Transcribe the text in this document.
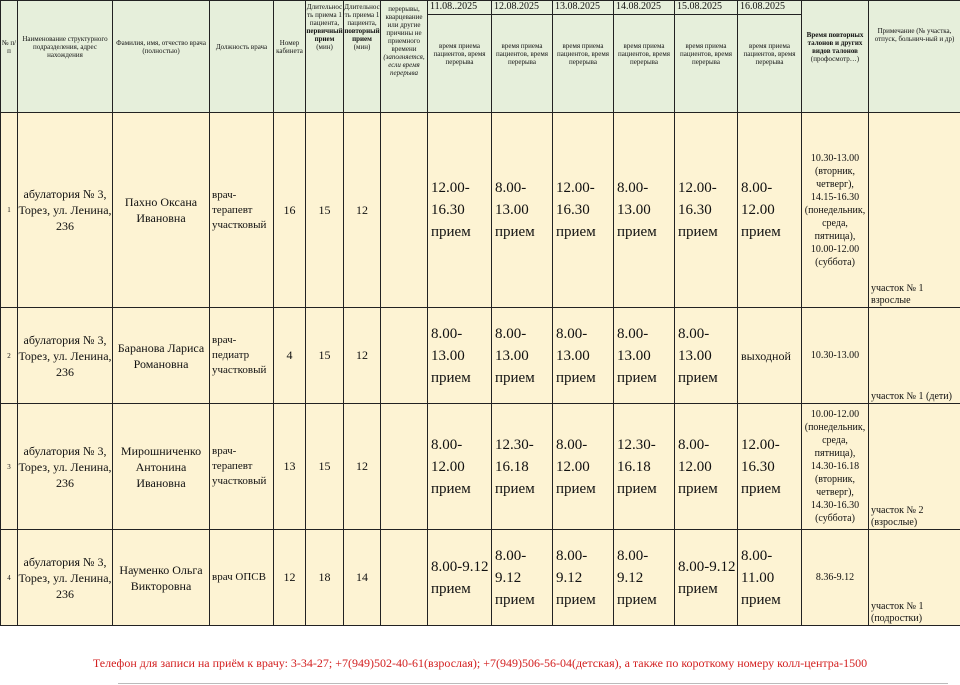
№ п/п	Наименование структурного подразделения, адрес нахождения	Фамилия, имя, отчество врача (полностью)	Должность врача	Номер кабинета	Длительность приема 1 пациента, первичный прием (мин)	Длительность приема 1 пациента, повторный прием (мин)	перерывы, кварцевание или другие причины не приемного времени (заполняется, если время перерыва	11.08..2025	12.08.2025	13.08.2025	14.08.2025	15.08.2025	16.08.2025	Время повторных талонов и других видов талонов (профосмотр…)	Примечание (№ участка, отпуск, больнич-ный и др)
								время приема пациентов, время перерыва	время приема пациентов, время перерыва	время приема пациентов, время перерыва	время приема пациентов, время перерыва	время приема пациентов, время перерыва	время приема пациентов, время перерыва		
1	абулатория № 3, Торез, ул. Ленина, 236	Пахно Оксана Ивановна	врач-терапевт участковый	16	15	12		12.00-16.30 прием	8.00-13.00 прием	12.00-16.30 прием	8.00-13.00 прием	12.00-16.30 прием	8.00-12.00 прием	10.30-13.00 (вторник, четверг), 14.15-16.30 (понедельник, среда, пятница), 10.00-12.00 (суббота)	участок № 1 взрослые
2	абулатория № 3, Торез, ул. Ленина, 236	Баранова Лариса Романовна	врач-педиатр участковый	4	15	12		8.00-13.00 прием	8.00-13.00 прием	8.00-13.00 прием	8.00-13.00 прием	8.00-13.00 прием	выходной	10.30-13.00	участок № 1 (дети)
3	абулатория № 3, Торез, ул. Ленина, 236	Мирошниченко Антонина Ивановна	врач-терапевт участковый	13	15	12		8.00-12.00 прием	12.30-16.18 прием	8.00-12.00 прием	12.30-16.18 прием	8.00-12.00 прием	12.00-16.30 прием	10.00-12.00 (понедельник, среда, пятница), 14.30-16.18 (вторник, четверг), 14.30-16.30 (суббота)	участок № 2 (взрослые)
4	абулатория № 3, Торез, ул. Ленина, 236	Науменко Ольга Викторовна	врач ОПСВ	12	18	14		8.00-9.12 прием	8.00-9.12 прием	8.00-9.12 прием	8.00-9.12 прием	8.00-9.12 прием	8.00-11.00 прием	8.36-9.12	участок № 1 (подростки)
Телефон для записи на приём к врачу: 3-34-27; +7(949)502-40-61(взрослая); +7(949)506-56-04(детская), а также по короткому номеру колл-центра-1500
